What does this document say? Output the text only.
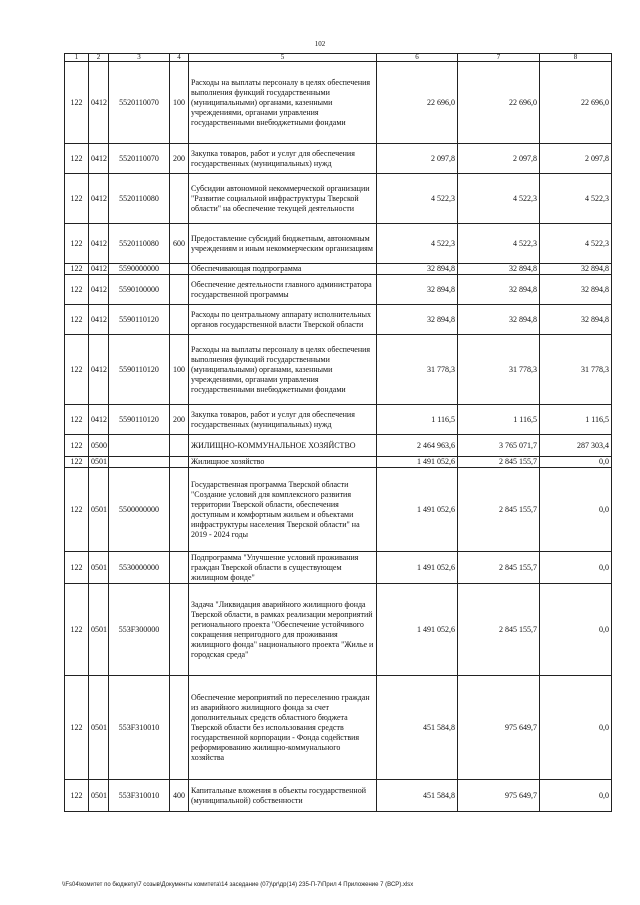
102
1	2	3	4	5	6	7	8
122	0412	5520110070	100	Расходы на выплаты персоналу в целях обеспечения выполнения функций государственными (муниципальными) органами, казенными учреждениями, органами управления государственными внебюджетными фондами	22 696,0	22 696,0	22 696,0
122	0412	5520110070	200	Закупка товаров, работ и услуг для обеспечения государственных (муниципальных) нужд	2 097,8	2 097,8	2 097,8
122	0412	5520110080		Субсидии автономной некоммерческой организации "Развитие социальной инфраструктуры Тверской области" на обеспечение текущей деятельности	4 522,3	4 522,3	4 522,3
122	0412	5520110080	600	Предоставление субсидий бюджетным, автономным учреждениям и иным некоммерческим организациям	4 522,3	4 522,3	4 522,3
122	0412	5590000000		Обеспечивающая подпрограмма	32 894,8	32 894,8	32 894,8
122	0412	5590100000		Обеспечение деятельности главного администратора государственной программы	32 894,8	32 894,8	32 894,8
122	0412	5590110120		Расходы по центральному аппарату исполнительных органов государственной власти Тверской области	32 894,8	32 894,8	32 894,8
122	0412	5590110120	100	Расходы на выплаты персоналу в целях обеспечения выполнения функций государственными (муниципальными) органами, казенными учреждениями, органами управления государственными внебюджетными фондами	31 778,3	31 778,3	31 778,3
122	0412	5590110120	200	Закупка товаров, работ и услуг для обеспечения государственных (муниципальных) нужд	1 116,5	1 116,5	1 116,5
122	0500			ЖИЛИЩНО-КОММУНАЛЬНОЕ ХОЗЯЙСТВО	2 464 963,6	3 765 071,7	287 303,4
122	0501			Жилищное хозяйство	1 491 052,6	2 845 155,7	0,0
122	0501	5500000000		Государственная программа Тверской области "Создание условий для комплексного развития территории Тверской области, обеспечения доступным и комфортным жильем и объектами инфраструктуры населения Тверской области" на 2019 - 2024 годы	1 491 052,6	2 845 155,7	0,0
122	0501	5530000000		Подпрограмма "Улучшение условий проживания граждан Тверской области в существующем жилищном фонде"	1 491 052,6	2 845 155,7	0,0
122	0501	553F300000		Задача "Ликвидация аварийного жилищного фонда Тверской области, в рамках реализации мероприятий регионального проекта "Обеспечение устойчивого сокращения непригодного для проживания жилищного фонда" национального проекта "Жилье и городская среда"	1 491 052,6	2 845 155,7	0,0
122	0501	553F310010		Обеспечение мероприятий по переселению граждан из аварийного жилищного фонда за счет дополнительных средств областного бюджета Тверской области без использования средств государственной корпорации - Фонда содействия реформированию жилищно-коммунального хозяйства	451 584,8	975 649,7	0,0
122	0501	553F310010	400	Капитальные вложения в объекты государственной (муниципальной) собственности	451 584,8	975 649,7	0,0
\\Fs04\комитет по бюджету\7 созыв\Документы комитета\14 заседание (07)\pr\др(14) 235-П-7\Прил 4 Приложение 7 (ВСР).xlsx
